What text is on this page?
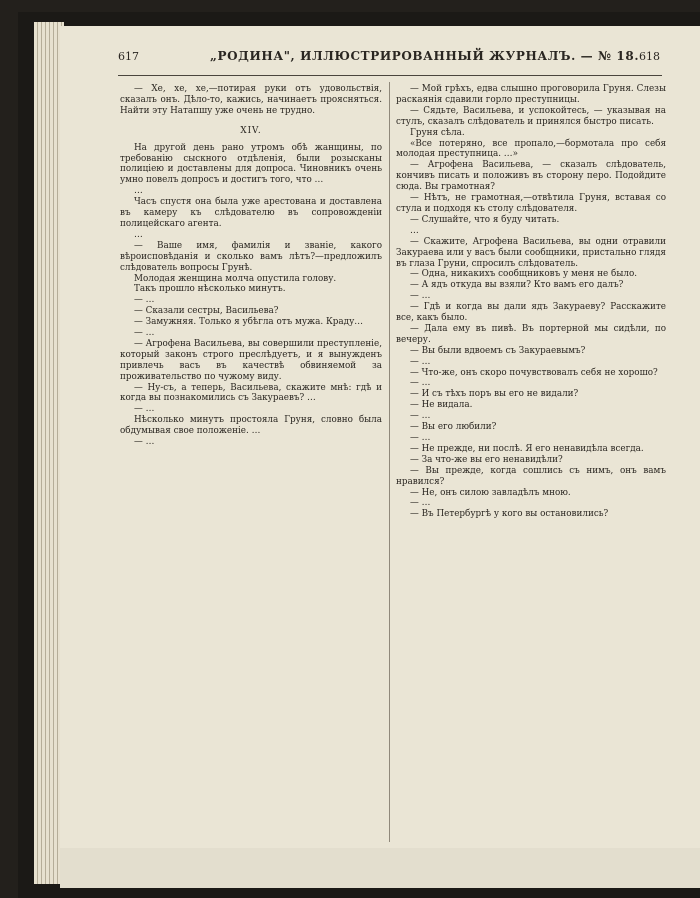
617	„РОДИНА", ИЛЛЮСТРИРОВАННЫЙ ЖУРНАЛЪ. — № 18. 618

— Хе, хе, хе,—потирая руки отъ удовольствія, сказалъ онъ. Дѣло-то, кажись, начинаетъ проясняться. Найти эту Натапшу уже очень не трудно.

XIV.

На другой день рано утромъ обѣ жанщины, по требованію сыскного отдѣленія, были розысканы полиціею и доставлены для допроса. Чиновникъ очень умно повелъ допросъ и достигъ того, что …

…

Часъ спустя она была уже арестована и доставлена въ камеру къ слѣдователю въ сопровожденіи полицейскаго агента.

…

— Ваше имя, фамилія и званіе, какого вѣроисповѣданія и сколько вамъ лѣтъ?—предложилъ слѣдователь вопросы Грунѣ.

Молодая женщина молча опустила голову.

Такъ прошло нѣсколько минутъ.

— …

— Сказали сестры, Васильева?

— Замужняя. Только я убѣгла отъ мужа. Краду…

— …

— Агрофена Васильева, вы совершили преступленіе, который законъ строго преслѣдуетъ, и я вынужденъ привлечь васъ въ качествѣ обвиняемой за проживательство по чужому виду.

— Ну-съ, а теперь, Васильева, скажите мнѣ: гдѣ и когда вы познакомились съ Закураевъ? …

— …

Нѣсколько минутъ простояла Груня, словно была обдумывая свое положеніе. …

— …

— Мой грѣхъ, едва слышно проговорила Груня. Слезы раскаянія сдавили горло преступницы.

— Сядьте, Васильева, и успокойтесь, — указывая на стулъ, сказалъ слѣдователь и принялся быстро писать.

Груня сѣла.

«Все потеряно, все пропало,—бормотала про себя молодая преступница. …»

— Агрофена Васильева, — сказалъ слѣдователь, кончивъ писать и положивъ въ сторону перо. Подойдите сюда. Вы грамотная?

— Нѣтъ, не грамотная,—отвѣтила Груня, вставая со стула и подходя къ столу слѣдователя.

— Слушайте, что я буду читать.

…

— Скажите, Агрофена Васильева, вы одни отравили Закураева или у васъ были сообщники, пристально глядя въ глаза Груни, спросилъ слѣдователь.

— Одна, никакихъ сообщниковъ у меня не было.

— А ядъ откуда вы взяли? Кто вамъ его далъ?

— …

— Гдѣ и когда вы дали ядъ Закураеву? Расскажите все, какъ было.

— Дала ему въ пивѣ. Въ портерной мы сидѣли, по вечеру.

— Вы были вдвоемъ съ Закураевымъ?

— …

— Что-же, онъ скоро почувствовалъ себя не хорошо?

— …

— И съ тѣхъ поръ вы его не видали?

— Не видала.

— …

— Вы его любили?

— …

— Не прежде, ни послѣ. Я его ненавидѣла всегда.

— За что-же вы его ненавидѣли?

— Вы прежде, когда сошлись съ нимъ, онъ вамъ нравился?

— Не, онъ силою завладѣлъ мною.

— …

— Въ Петербургѣ у кого вы остановились?
